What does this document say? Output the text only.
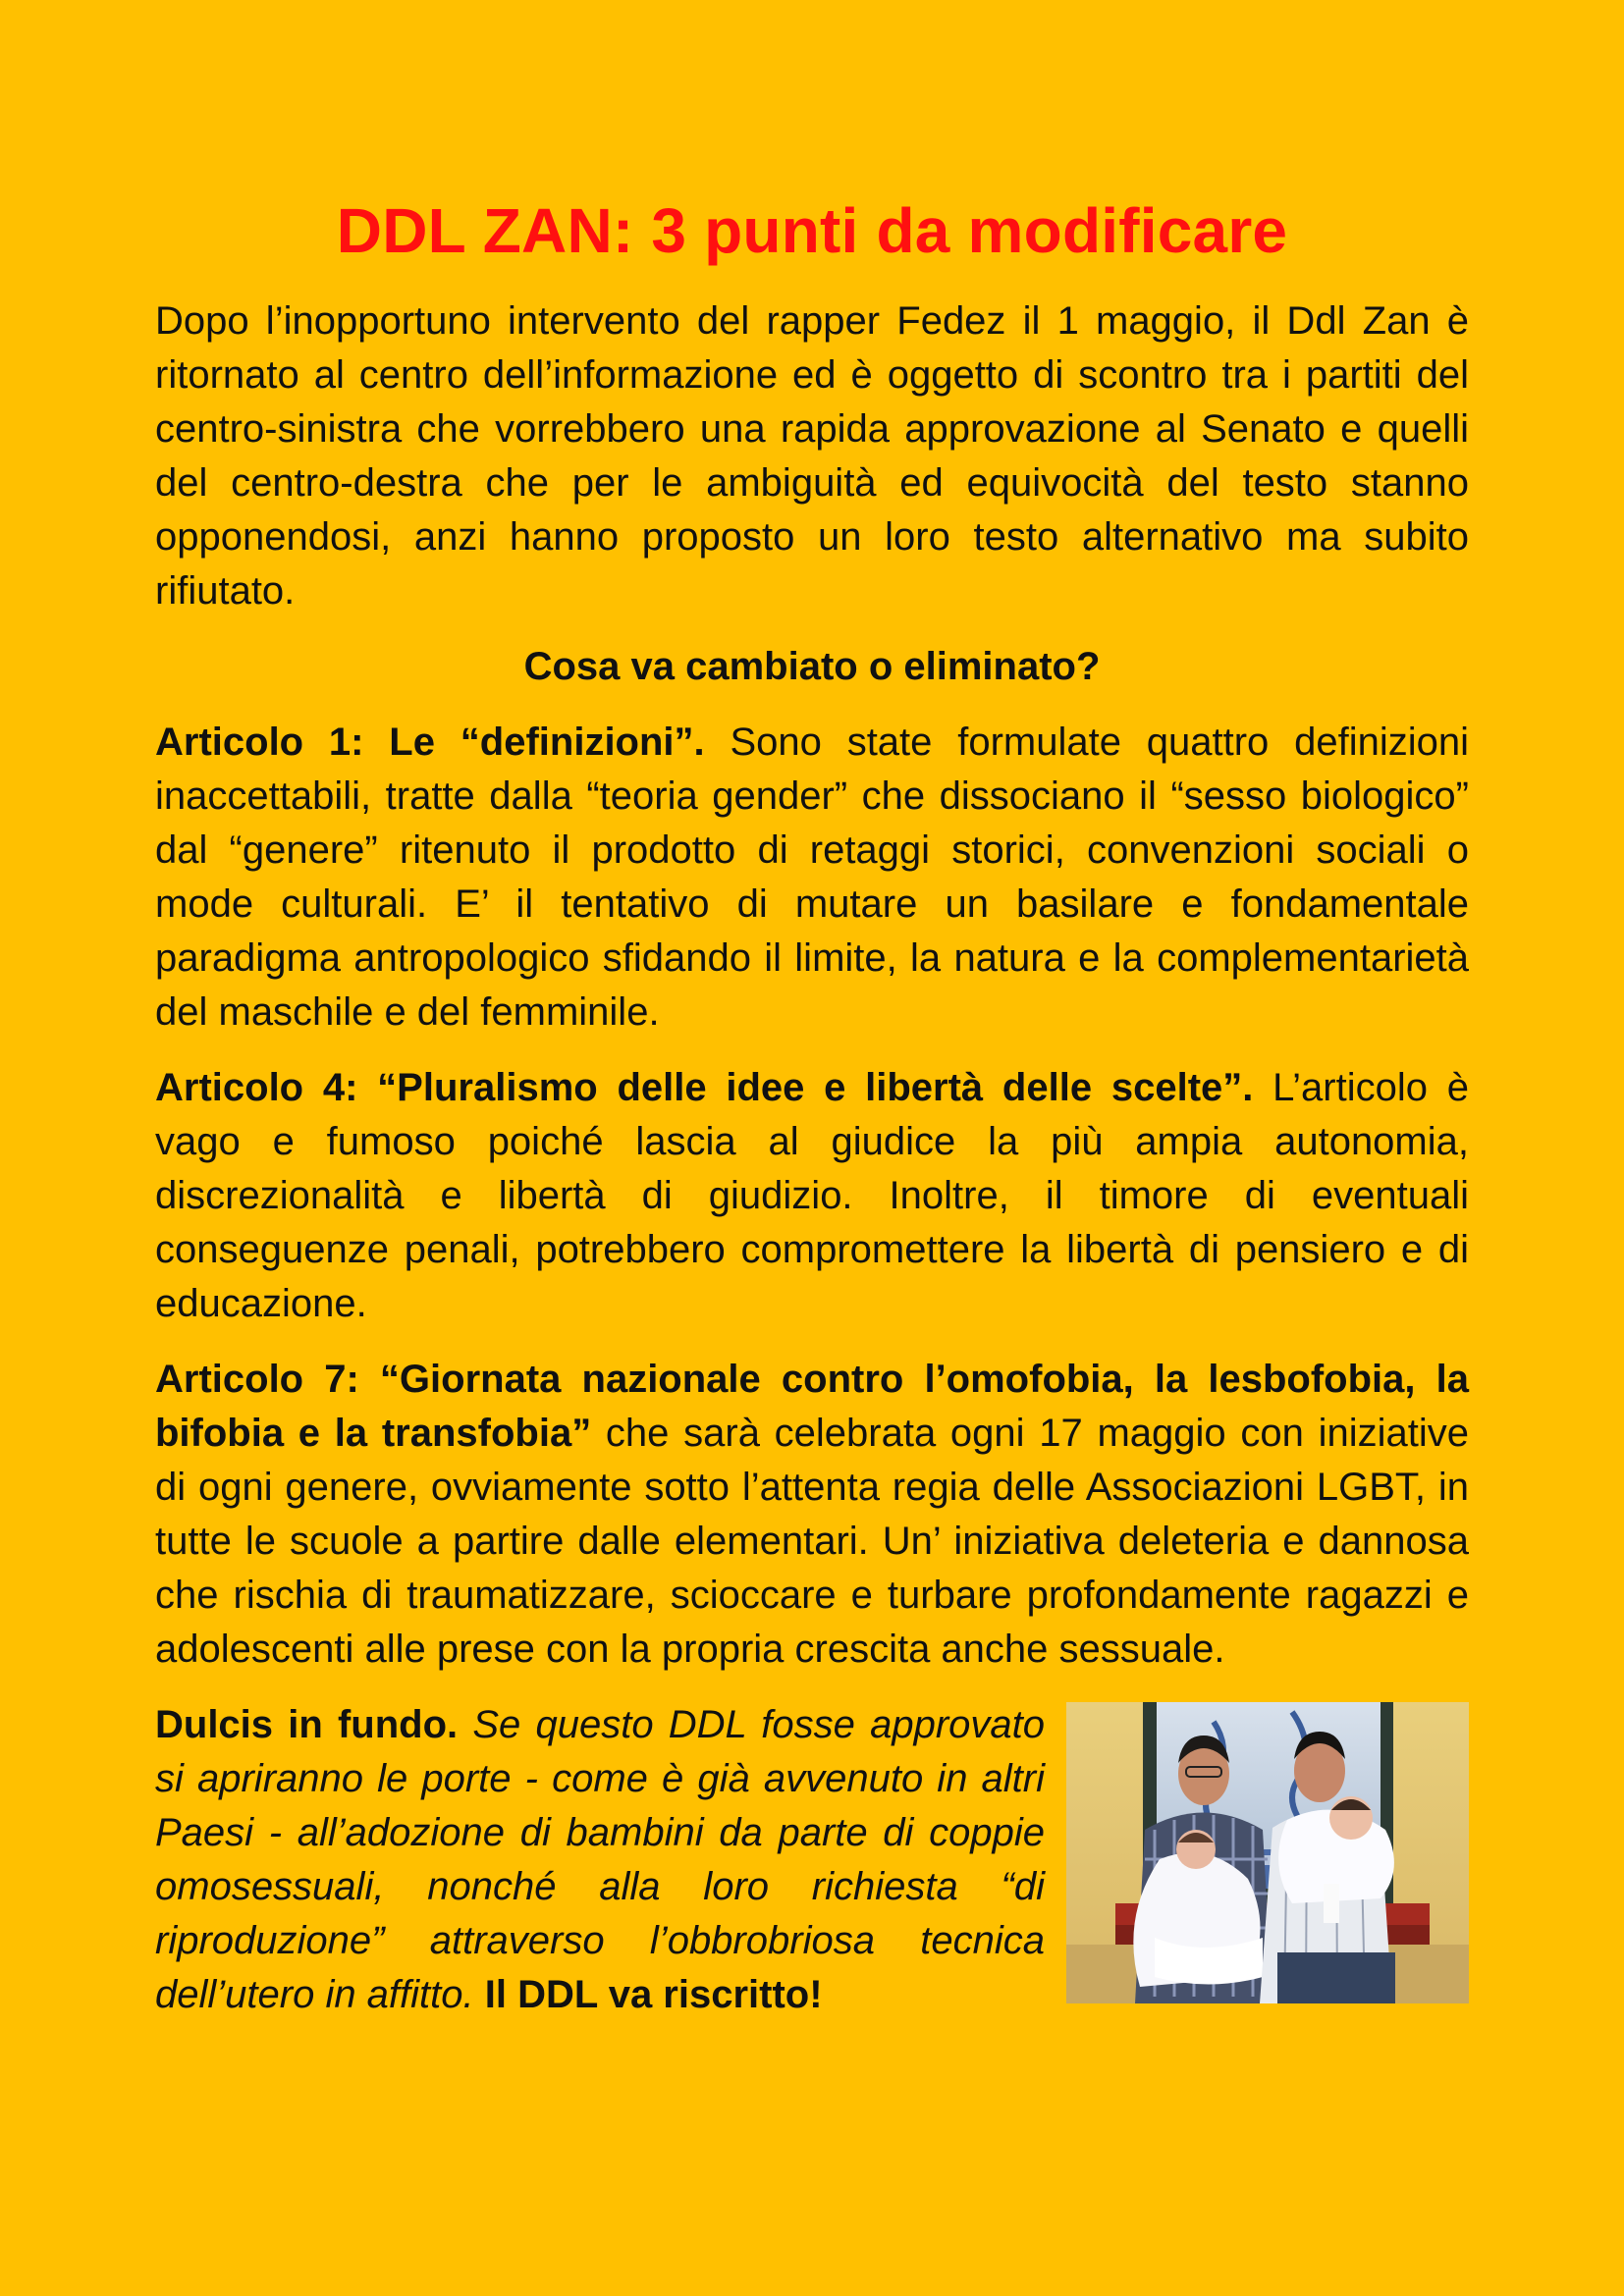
DDL ZAN: 3 punti da modificare

Dopo l’inopportuno intervento del rapper Fedez il 1 maggio, il Ddl Zan è ritornato al centro dell’informazione ed è oggetto di scontro tra i partiti del centro-sinistra che vorrebbero una rapida approvazione al Senato e quelli del centro-destra che per le ambiguità ed equivocità del testo stanno opponendosi, anzi hanno proposto un loro testo alternativo ma subito rifiutato.

Cosa va cambiato o eliminato?

Articolo 1: Le “definizioni”. Sono state formulate quattro definizioni inaccettabili, tratte dalla “teoria gender” che dissociano il “sesso biologico” dal “genere” ritenuto il prodotto di retaggi storici, convenzioni sociali o mode culturali. E’ il tentativo di mutare un basilare e fondamentale paradigma antropologico sfidando il limite, la natura e la complementarietà del maschile e del femminile.

Articolo 4: “Pluralismo delle idee e libertà delle scelte”. L’articolo è vago e fumoso poiché lascia al giudice la più ampia autonomia, discrezionalità e libertà di giudizio. Inoltre, il timore di eventuali conseguenze penali, potrebbero compromettere la libertà di pensiero e di educazione.

Articolo 7: “Giornata nazionale contro l’omofobia, la lesbofobia, la bifobia e la transfobia” che sarà celebrata ogni 17 maggio con iniziative di ogni genere, ovviamente sotto l’attenta regia delle Associazioni LGBT, in tutte le scuole a partire dalle elementari. Un’ iniziativa deleteria e dannosa che rischia di traumatizzare, scioccare e turbare profondamente ragazzi e adolescenti alle prese con la propria crescita anche sessuale.

Dulcis in fundo. Se questo DDL fosse approvato si apriranno le porte - come è già avvenuto in altri Paesi - all’adozione di bambini da parte di coppie omosessuali, nonché alla loro richiesta “di riproduzione” attraverso l’obbrobriosa tecnica dell’utero in affitto. Il DDL va riscritto!
